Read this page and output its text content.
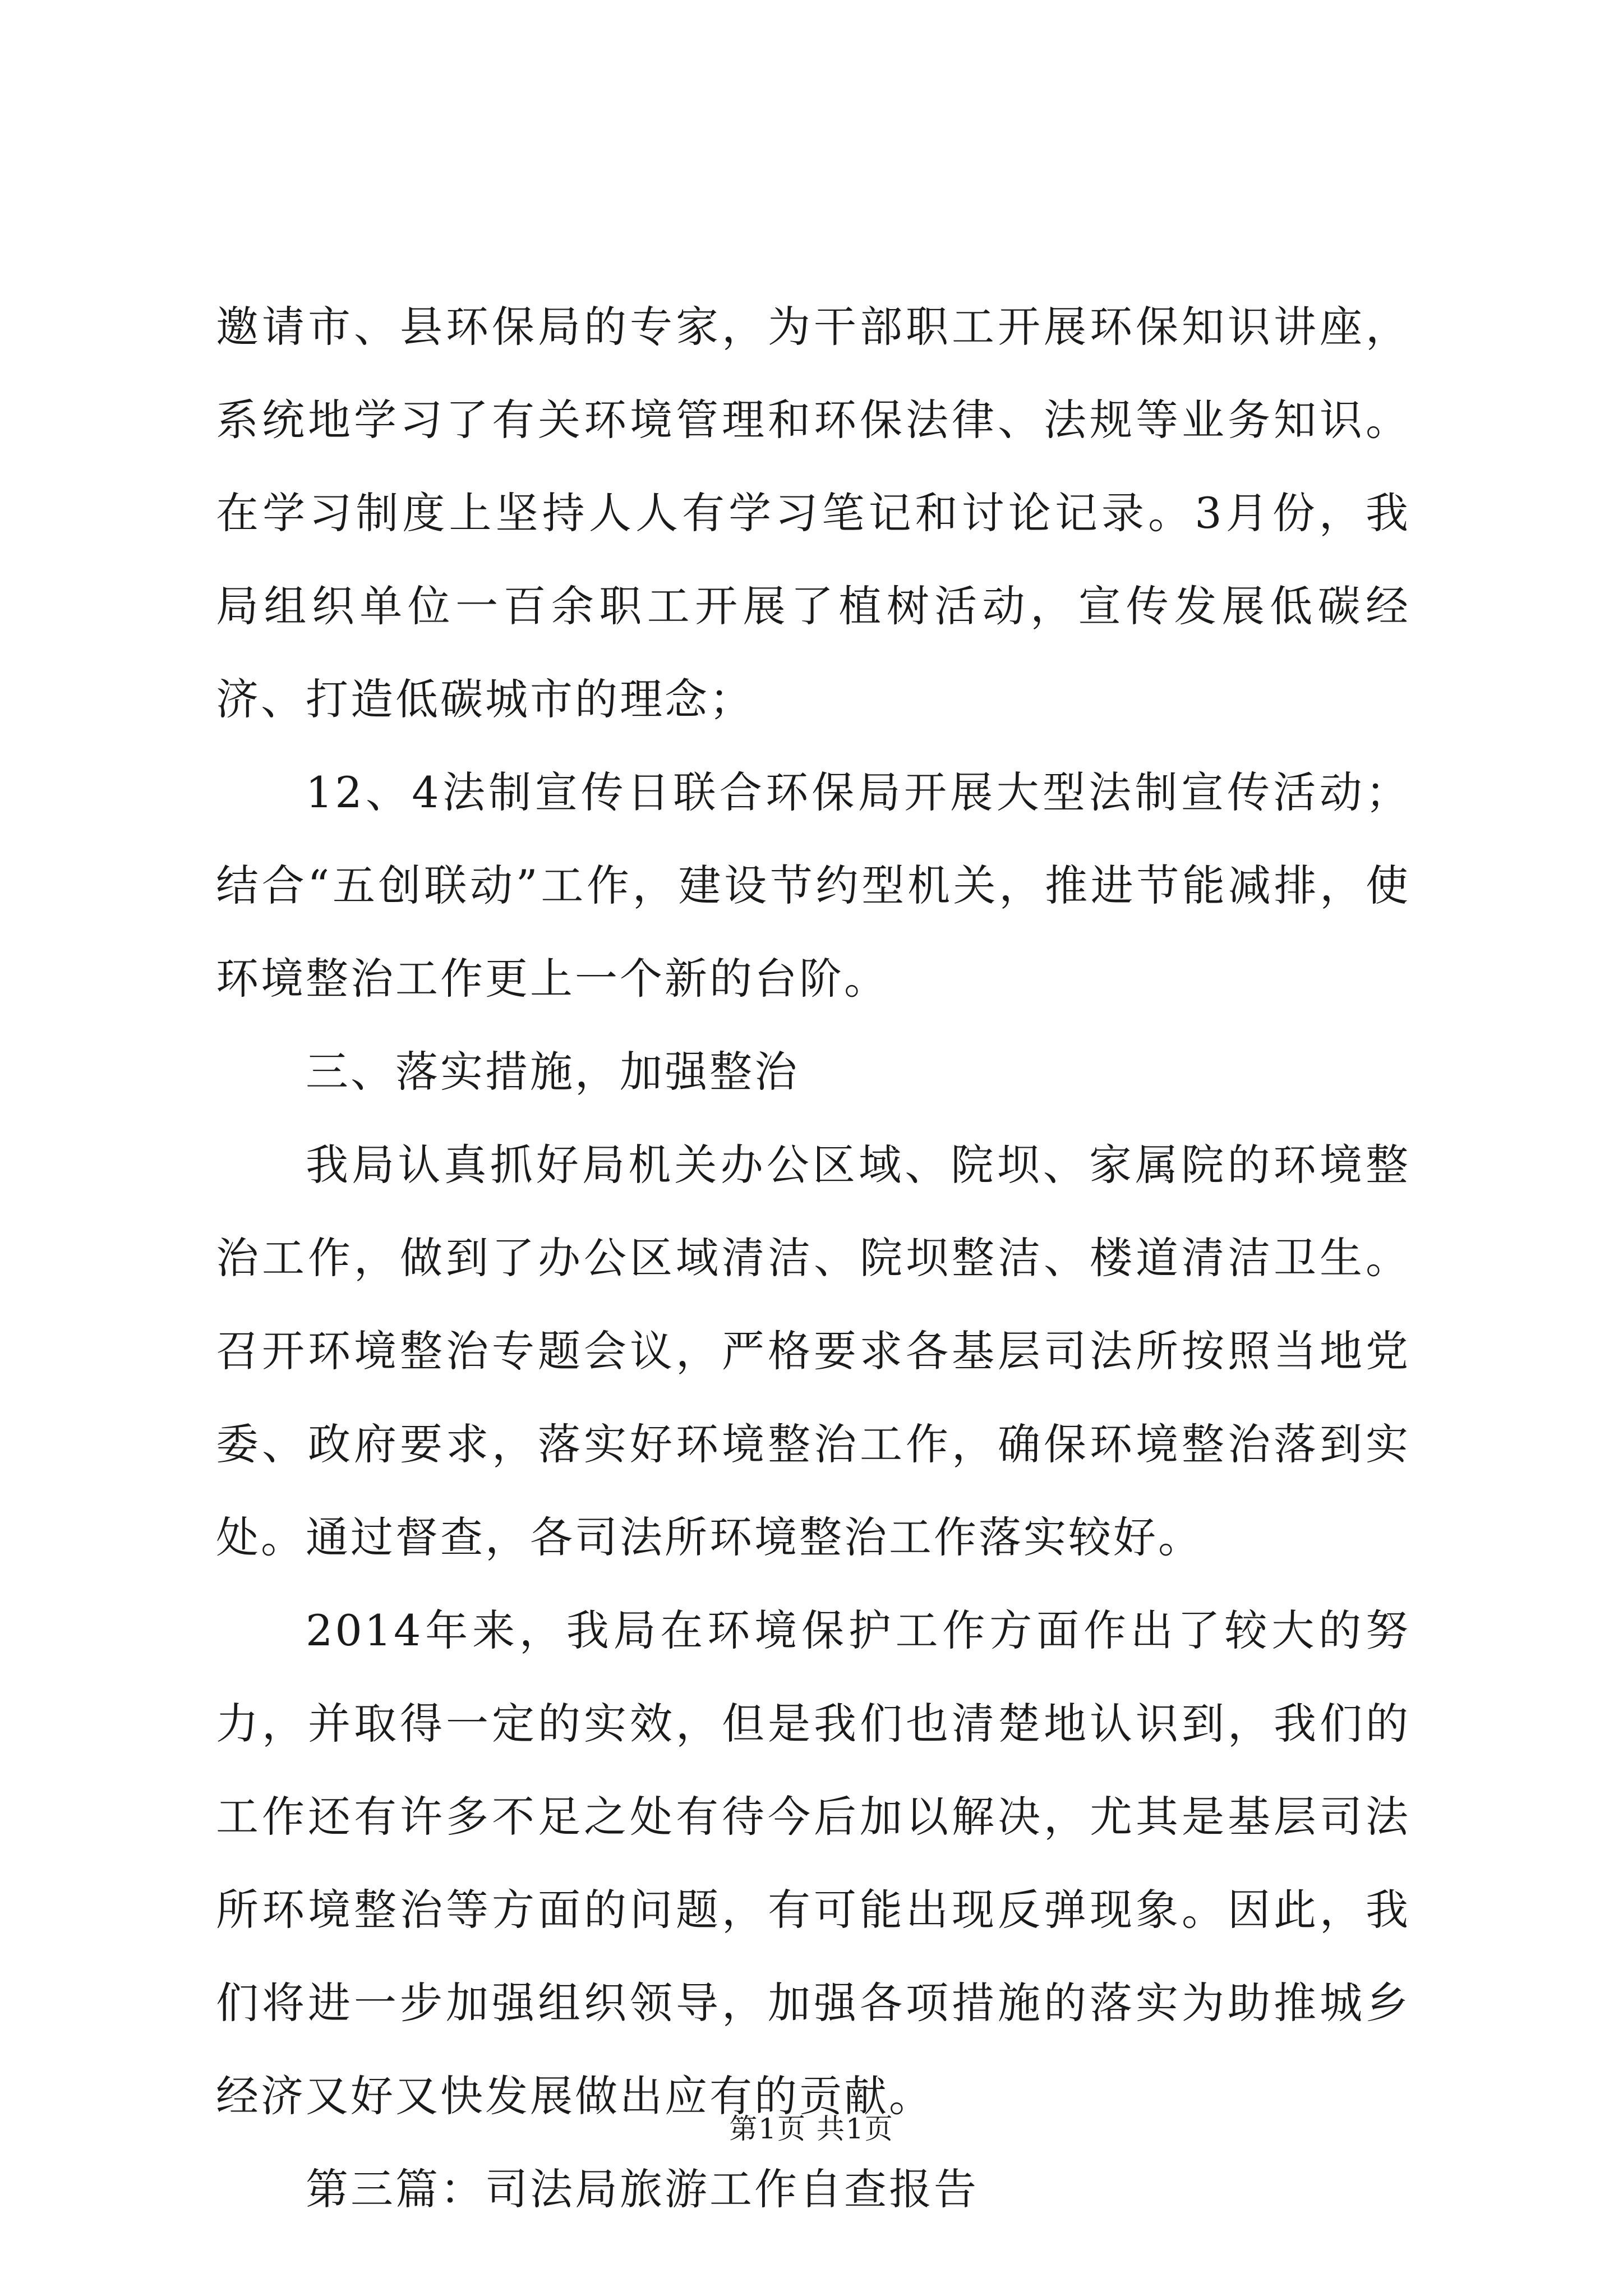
邀请市、县环保局的专家，为干部职工开展环保知识讲座，系统地学习了有关环境管理和环保法律、法规等业务知识。在学习制度上坚持人人有学习笔记和讨论记录。3月份，我局组织单位一百余职工开展了植树活动，宣传发展低碳经济、打造低碳城市的理念；

12、4法制宣传日联合环保局开展大型法制宣传活动；结合“五创联动”工作，建设节约型机关，推进节能减排，使环境整治工作更上一个新的台阶。

三、落实措施，加强整治

我局认真抓好局机关办公区域、院坝、家属院的环境整治工作，做到了办公区域清洁、院坝整洁、楼道清洁卫生。召开环境整治专题会议，严格要求各基层司法所按照当地党委、政府要求，落实好环境整治工作，确保环境整治落到实处。通过督查，各司法所环境整治工作落实较好。

2014年来，我局在环境保护工作方面作出了较大的努力，并取得一定的实效，但是我们也清楚地认识到，我们的工作还有许多不足之处有待今后加以解决，尤其是基层司法所环境整治等方面的问题，有可能出现反弹现象。因此，我们将进一步加强组织领导，加强各项措施的落实为助推城乡经济又好又快发展做出应有的贡献。

第三篇：司法局旅游工作自查报告

第1页 共1页
